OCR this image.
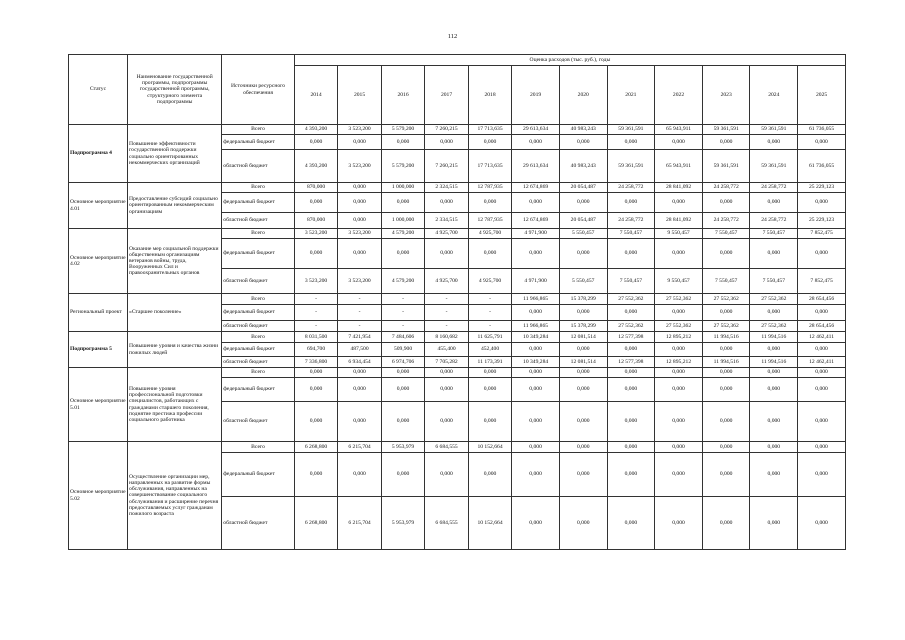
112
Статус	Наименование государственной программы, подпрограммы государственной программы, структурного элемента подпрограммы	Источники ресурсного обеспечения	Оценка расходов (тыс. руб.), годы											
			2014	2015	2016	2017	2018	2019	2020	2021	2022	2023	2024	2025
Подпрограмма 4	Повышение эффективности государственной поддержки социально ориентированных некоммерческих организаций	Всего	4 393,200	3 523,200	5 579,200	7 260,215	17 713,635	29 613,634	40 983,243	59 361,591	65 943,911	59 361,591	59 361,591	61 736,055
		федеральный бюджет	0,000	0,000	0,000	0,000	0,000	0,000	0,000	0,000	0,000	0,000	0,000	0,000
		областной бюджет	4 393,200	3 523,200	5 579,200	7 260,215	17 713,635	29 613,634	40 983,243	59 361,591	65 943,911	59 361,591	59 361,591	61 736,055
Основное мероприятие 4.01	Предоставление субсидий социально ориентированным некоммерческим организациям	Всего	870,000	0,000	1 000,000	2 324,515	12 787,935	12 674,869	20 054,487	24 258,772	28 841,092	24 258,772	24 258,772	25 229,123
		федеральный бюджет	0,000	0,000	0,000	0,000	0,000	0,000	0,000	0,000	0,000	0,000	0,000	0,000
		областной бюджет	870,000	0,000	1 000,000	2 334,515	12 787,935	12 674,869	20 054,487	24 258,772	28 841,092	24 258,772	24 258,772	25 229,123
Основное мероприятие 4.02	Оказание мер социальной поддержки общественным организациям ветеранов войны, труда, Вооруженных Сил и правоохранительных органов	Всего	3 523,200	3 523,200	4 579,200	4 925,700	4 925,700	4 971,900	5 550,457	7 550,457	9 550,457	7 550,457	7 550,457	7 852,475
		федеральный бюджет	0,000	0,000	0,000	0,000	0,000	0,000	0,000	0,000	0,000	0,000	0,000	0,000
		областной бюджет	3 523,200	3 523,200	4 579,200	4 925,700	4 925,700	4 971,900	5 550,457	7 550,457	9 550,457	7 550,457	7 550,457	7 852,475
Региональный проект	«Старшее поколение»	Всего	-	-	-	-	-	11 966,865	15 378,299	27 552,362	27 552,362	27 552,362	27 552,362	28 654,456
		федеральный бюджет	-	-	-	-	-	0,000	0,000	0,000	0,000	0,000	0,000	0,000
		областной бюджет	-	-	-	-	-	11 966,865	15 378,299	27 552,362	27 552,362	27 552,362	27 552,362	28 654,456
Подпрограмма 5	Повышение уровня и качества жизни пожилых людей	Всего	8 031,500	7 421,954	7 484,606	8 160,682	11 625,791	10 349,284	12 081,514	12 577,398	12 895,212	11 994,516	11 994,516	12 462,411
		федеральный бюджет	694,700	487,500	509,900	455,400	452,400	0,000	0,000	0,000	0,000	0,000	0,000	0,000
		областной бюджет	7 336,800	6 934,454	6 974,706	7 705,282	11 173,391	10 349,284	12 081,514	12 577,398	12 895,212	11 994,516	11 994,516	12 462,411
Основное мероприятие 5.01	Повышение уровня профессиональной подготовки специалистов, работающих с гражданами старшего поколения, поднятие престижа профессии социального работника	Всего	0,000	0,000	0,000	0,000	0,000	0,000	0,000	0,000	0,000	0,000	0,000	0,000
		федеральный бюджет	0,000	0,000	0,000	0,000	0,000	0,000	0,000	0,000	0,000	0,000	0,000	0,000
		областной бюджет	0,000	0,000	0,000	0,000	0,000	0,000	0,000	0,000	0,000	0,000	0,000	0,000
Основное мероприятие 5.02	Осуществление организации мер, направленных на развитие формы обслуживания, направленных на совершенствование социального обслуживания и расширение перечня предоставляемых услуг гражданам пожилого возраста	Всего	6 268,800	6 215,704	5 953,979	6 684,555	10 152,664	0,000	0,000	0,000	0,000	0,000	0,000	0,000
		федеральный бюджет	0,000	0,000	0,000	0,000	0,000	0,000	0,000	0,000	0,000	0,000	0,000	0,000
		областной бюджет	6 268,800	6 215,704	5 953,979	6 684,555	10 152,664	0,000	0,000	0,000	0,000	0,000	0,000	0,000
